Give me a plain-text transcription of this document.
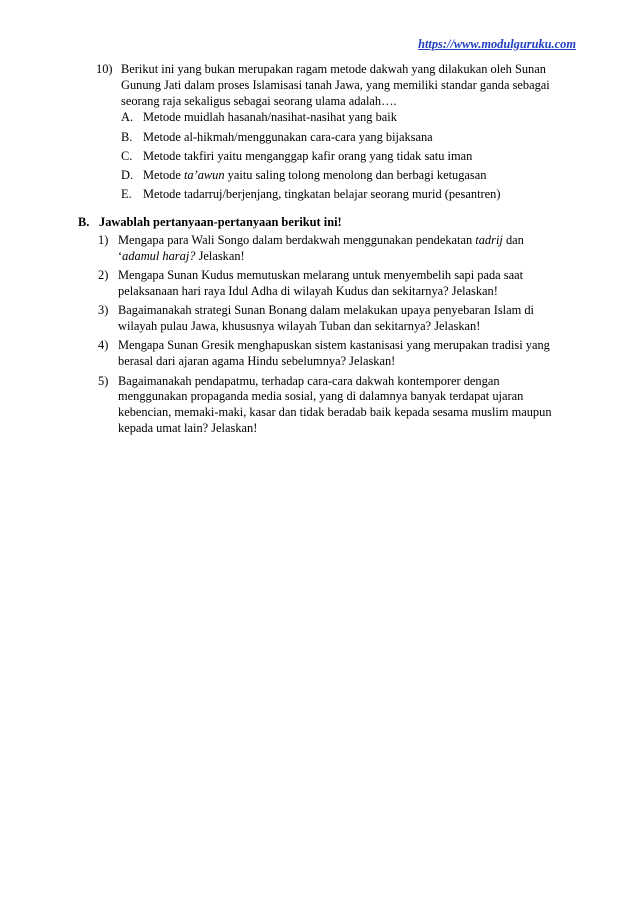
https://www.modulguruku.com
10) Berikut ini yang bukan merupakan ragam metode dakwah yang dilakukan oleh Sunan Gunung Jati dalam proses Islamisasi tanah Jawa, yang memiliki standar ganda sebagai seorang raja sekaligus sebagai seorang ulama adalah….
A. Metode muidlah hasanah/nasihat-nasihat yang baik
B. Metode al-hikmah/menggunakan cara-cara yang bijaksana
C. Metode takfiri yaitu menganggap kafir orang yang tidak satu iman
D. Metode ta’awun yaitu saling tolong menolong dan berbagi ketugasan
E. Metode tadarruj/berjenjang, tingkatan belajar seorang murid (pesantren)
B. Jawablah pertanyaan-pertanyaan berikut ini!
1) Mengapa para Wali Songo dalam berdakwah menggunakan pendekatan tadrij dan ‘adamul haraj? Jelaskan!
2) Mengapa Sunan Kudus memutuskan melarang untuk menyembelih sapi pada saat pelaksanaan hari raya Idul Adha di wilayah Kudus dan sekitarnya? Jelaskan!
3) Bagaimanakah strategi Sunan Bonang dalam melakukan upaya penyebaran Islam di wilayah pulau Jawa, khususnya wilayah Tuban dan sekitarnya? Jelaskan!
4) Mengapa Sunan Gresik menghapuskan sistem kastanisasi yang merupakan tradisi yang berasal dari ajaran agama Hindu sebelumnya? Jelaskan!
5) Bagaimanakah pendapatmu, terhadap cara-cara dakwah kontemporer dengan menggunakan propaganda media sosial, yang di dalamnya banyak terdapat ujaran kebencian, memaki-maki, kasar dan tidak beradab baik kepada sesama muslim maupun kepada umat lain? Jelaskan!
